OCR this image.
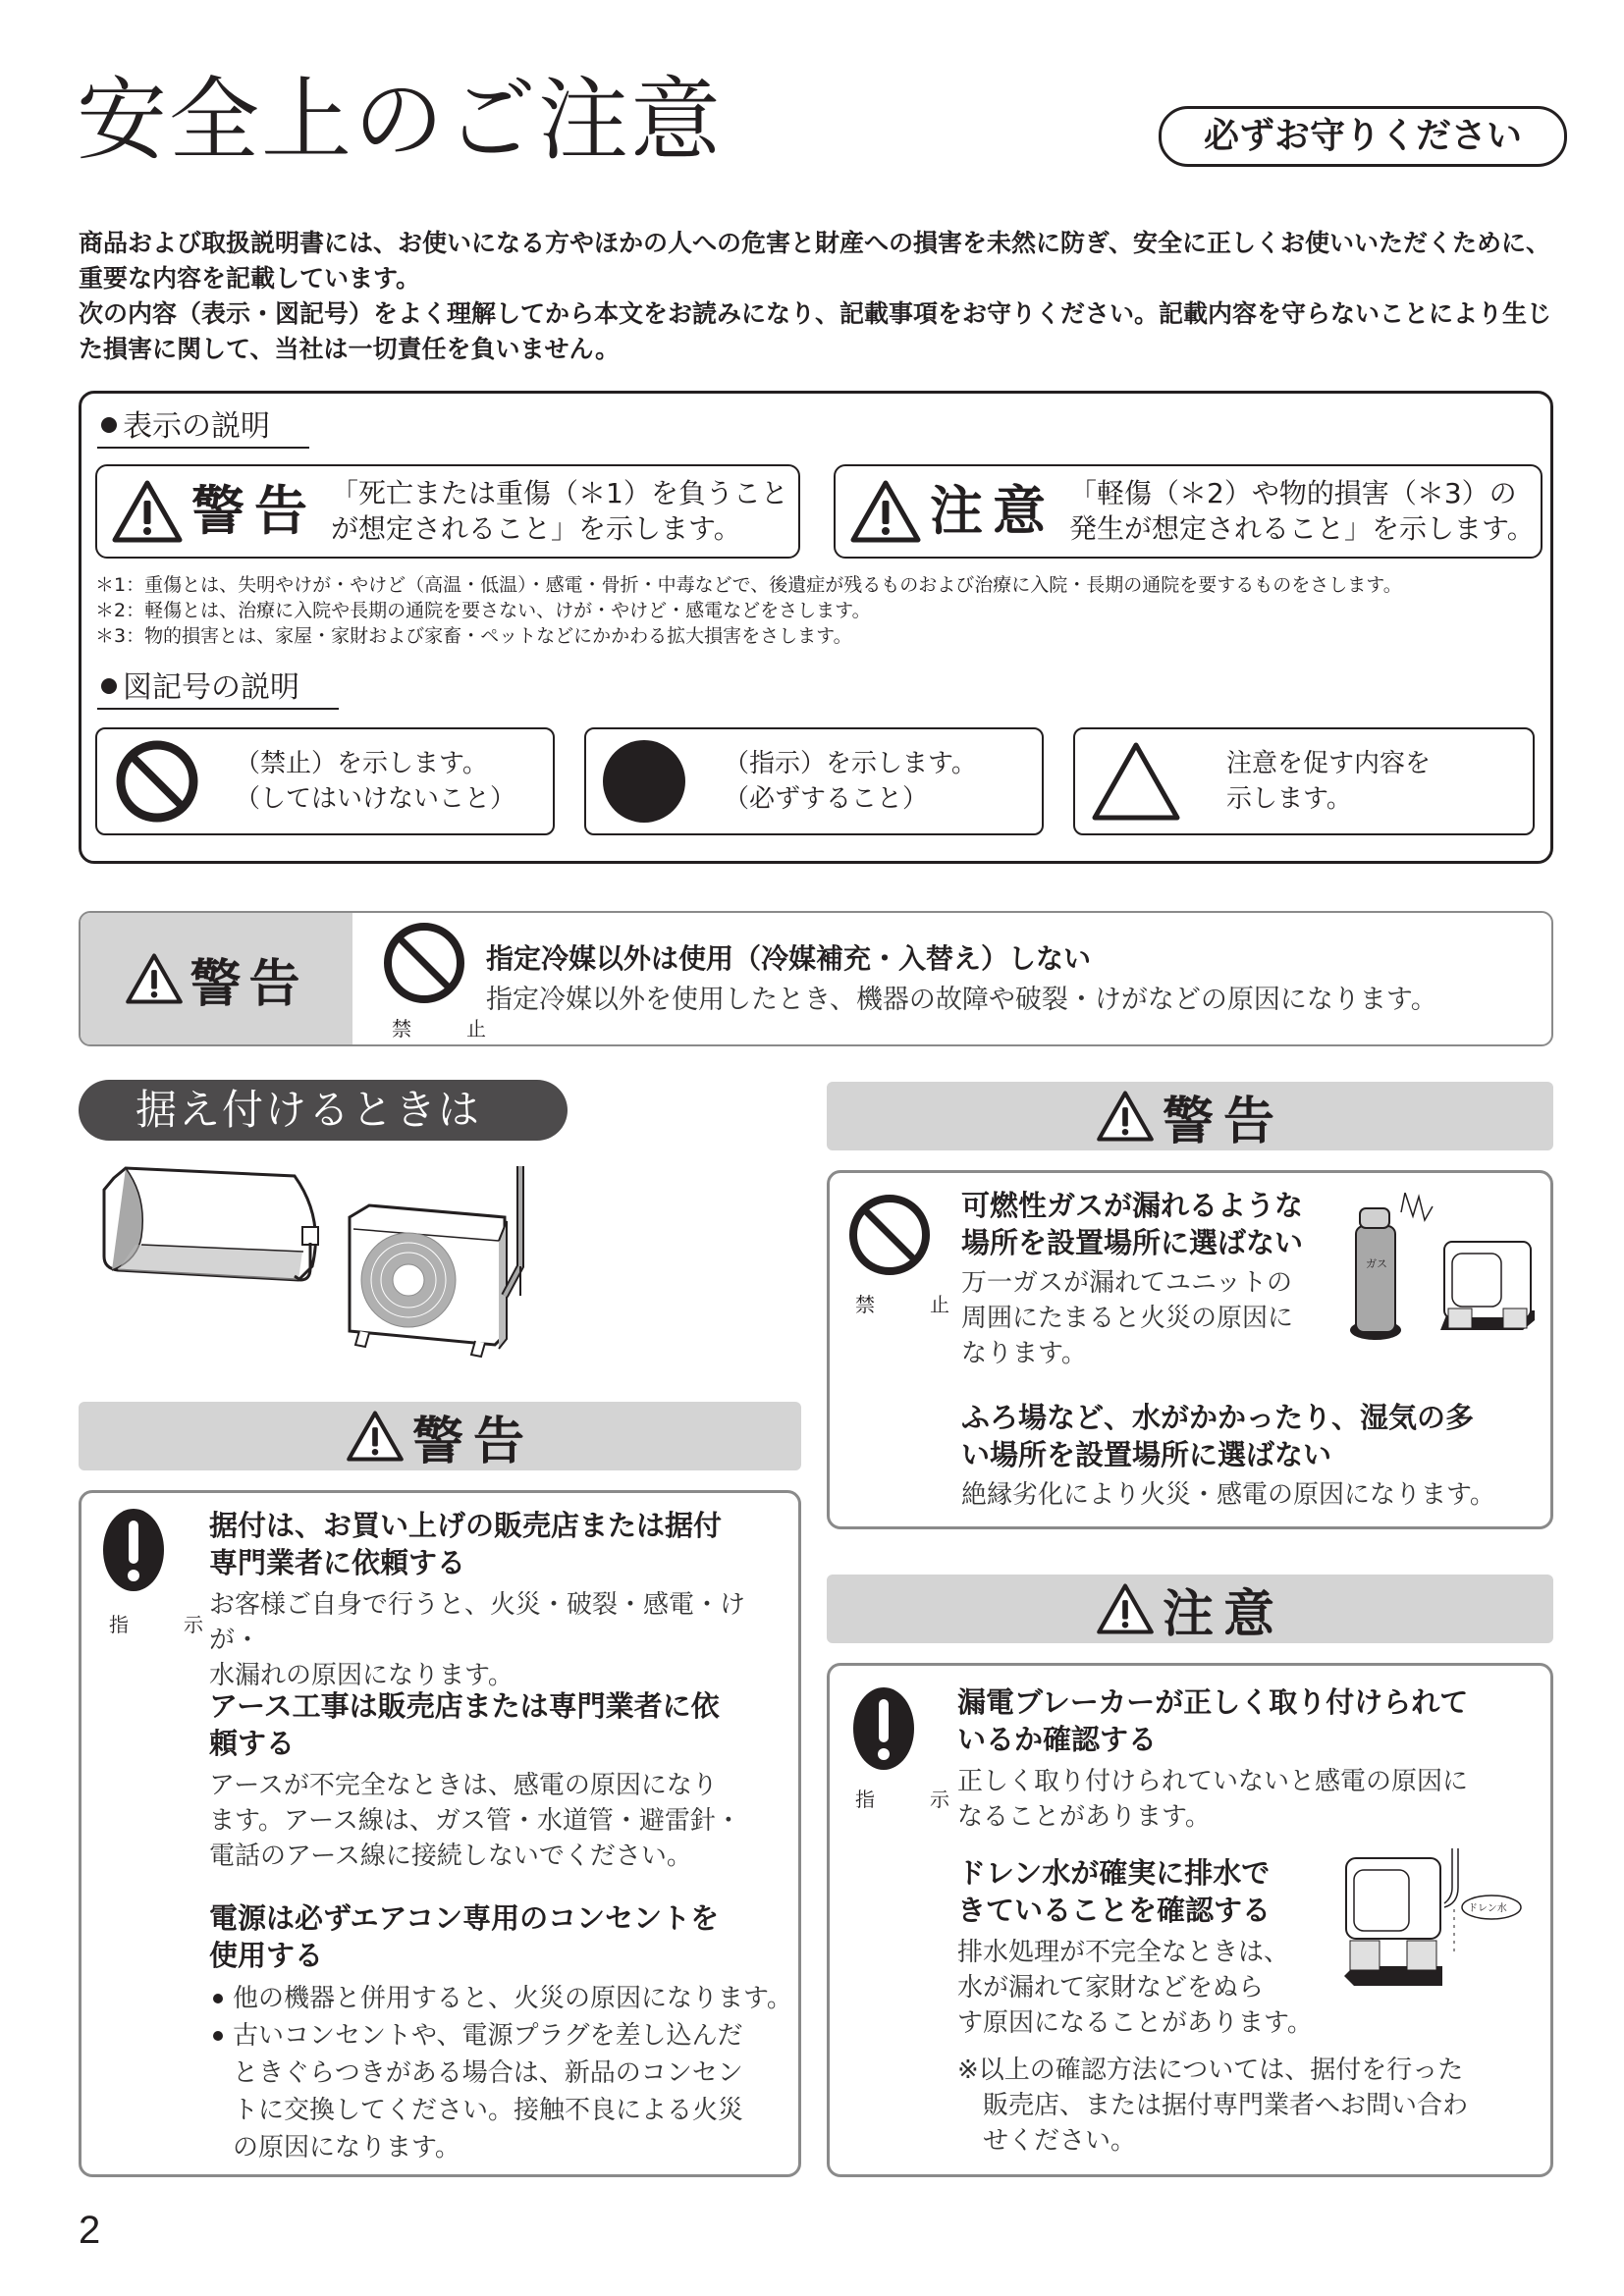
安全上のご注意	必ずお守りください

商品および取扱説明書には、お使いになる方やほかの人への危害と財産への損害を未然に防ぎ、安全に正しくお使いいただくために、重要な内容を記載しています。

次の内容（表示・図記号）をよく理解してから本文をお読みになり、記載事項をお守りください。記載内容を守らないことにより生じた損害に関して、当社は一切責任を負いません。

表示の説明
警告 「死亡または重傷（＊1）を負うこと
が想定されること」を示します。	注意 「軽傷（＊2）や物的損害（＊3）の
発生が想定されること」を示します。
＊1：重傷とは、失明やけが・やけど（高温・低温）・感電・骨折・中毒などで、後遺症が残るものおよび治療に入院・長期の通院を要するものをさします。
＊2：軽傷とは、治療に入院や長期の通院を要さない、けが・やけど・感電などをさします。
＊3：物的損害とは、家屋・家財および家畜・ペットなどにかかわる拡大損害をさします。
図記号の説明
（禁止）を示します。
（してはいけないこと）
（指示）を示します。
（必ずすること）
注意を促す内容を
示します。
警告
禁　止
指定冷媒以外は使用（冷媒補充・入替え）しない
指定冷媒以外を使用したとき、機器の故障や破裂・けがなどの原因になります。
据え付けるときは
警告
指　示
据付は、お買い上げの販売店または据付
専門業者に依頼する
お客様ご自身で行うと、火災・破裂・感電・けが・
水漏れの原因になります。
アース工事は販売店または専門業者に依
頼する
アースが不完全なときは、感電の原因になり
ます。アース線は、ガス管・水道管・避雷針・
電話のアース線に接続しないでください。
電源は必ずエアコン専用のコンセントを
使用する
他の機器と併用すると、火災の原因になります。
古いコンセントや、電源プラグを差し込んだ
ときぐらつきがある場合は、新品のコンセン
トに交換してください。接触不良による火災
の原因になります。
警告
禁　止
可燃性ガスが漏れるような
場所を設置場所に選ばない
万一ガスが漏れてユニットの
周囲にたまると火災の原因に
なります。
ガス
ふろ場など、水がかかったり、湿気の多
い場所を設置場所に選ばない
絶縁劣化により火災・感電の原因になります。
注意
指　示
漏電ブレーカーが正しく取り付けられて
いるか確認する
正しく取り付けられていないと感電の原因に
なることがあります。
ドレン水が確実に排水で
きていることを確認する
排水処理が不完全なときは、
水が漏れて家財などをぬら
す原因になることがあります。
ドレン水
※以上の確認方法については、据付を行った
販売店、または据付専門業者へお問い合わ
せください。
2
